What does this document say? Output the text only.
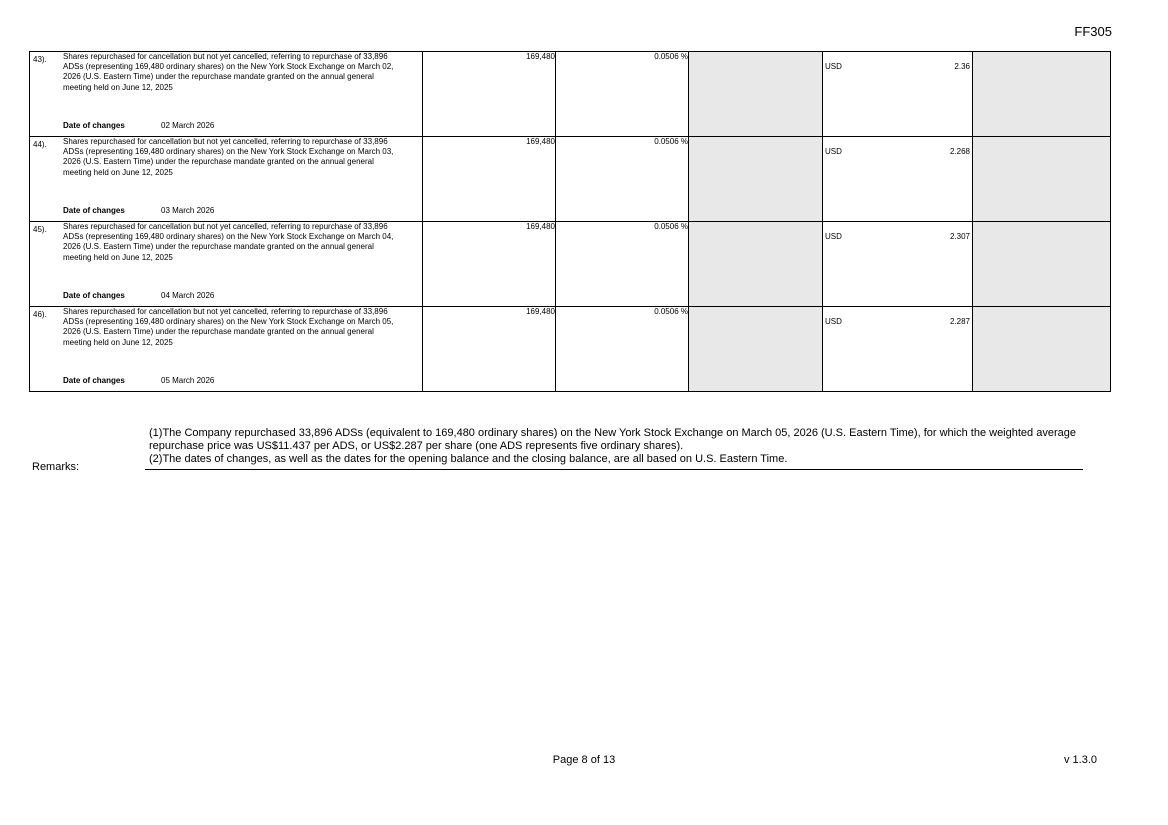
FF305
43). Shares repurchased for cancellation but not yet cancelled, referring to repurchase of 33,896 ADSs (representing 169,480 ordinary shares) on the New York Stock Exchange on March 02, 2026 (U.S. Eastern Time) under the repurchase mandate granted on the annual general meeting held on June 12, 2025
Date of changes 02 March 2026	169,480	0.0506 %		USD 2.36	

44). Shares repurchased for cancellation but not yet cancelled, referring to repurchase of 33,896 ADSs (representing 169,480 ordinary shares) on the New York Stock Exchange on March 03, 2026 (U.S. Eastern Time) under the repurchase mandate granted on the annual general meeting held on June 12, 2025
Date of changes 03 March 2026	169,480	0.0506 %		USD 2.268	

45). Shares repurchased for cancellation but not yet cancelled, referring to repurchase of 33,896 ADSs (representing 169,480 ordinary shares) on the New York Stock Exchange on March 04, 2026 (U.S. Eastern Time) under the repurchase mandate granted on the annual general meeting held on June 12, 2025
Date of changes 04 March 2026	169,480	0.0506 %		USD 2.307	

46). Shares repurchased for cancellation but not yet cancelled, referring to repurchase of 33,896 ADSs (representing 169,480 ordinary shares) on the New York Stock Exchange on March 05, 2026 (U.S. Eastern Time) under the repurchase mandate granted on the annual general meeting held on June 12, 2025
Date of changes 05 March 2026	169,480	0.0506 %		USD 2.287	

Remarks:
(1)The Company repurchased 33,896 ADSs (equivalent to 169,480 ordinary shares) on the New York Stock Exchange on March 05, 2026 (U.S. Eastern Time), for which the weighted average repurchase price was US$11.437 per ADS, or US$2.287 per share (one ADS represents five ordinary shares).
(2)The dates of changes, as well as the dates for the opening balance and the closing balance, are all based on U.S. Eastern Time.
Page 8 of 13	v 1.3.0
